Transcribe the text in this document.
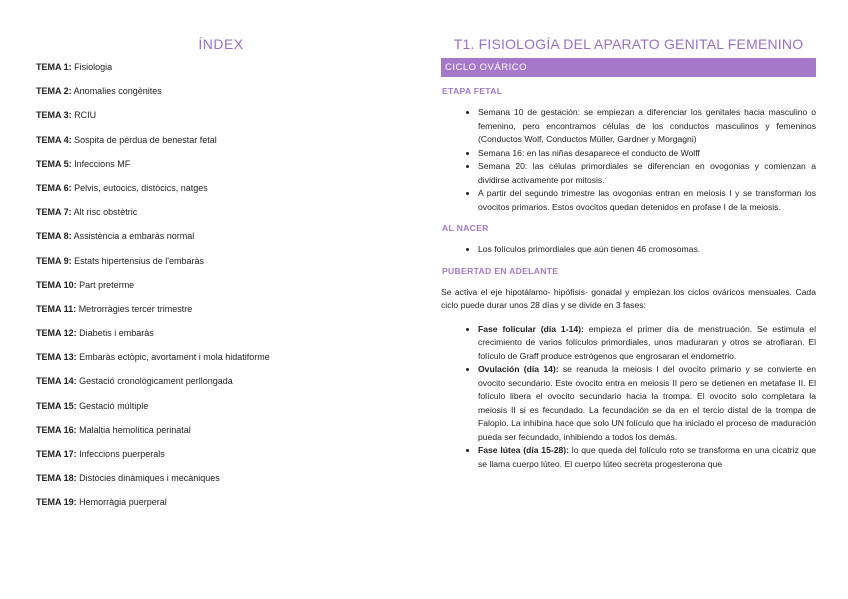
ÍNDEX
TEMA 1: Fisiologia
TEMA 2: Anomalies congènites
TEMA 3: RCIU
TEMA 4: Sospita de pèrdua de benestar fetal
TEMA 5: Infeccions MF
TEMA 6: Pelvis, eutocics, distòcics, natges
TEMA 7: Alt risc obstètric
TEMA 8: Assistència a embaràs normal
TEMA 9: Estats hipertensius de l'embaràs
TEMA 10: Part preterme
TEMA 11: Metrorràgies tercer trimestre
TEMA 12: Diabetis i embaràs
TEMA 13: Embaràs ectòpic, avortament i mola hidatiforme
TEMA 14: Gestació cronològicament perllongada
TEMA 15: Gestació múltiple
TEMA 16: Malaltia hemolítica perinatal
TEMA 17: Infeccions puerperals
TEMA 18: Distòcies dinàmiques i mecàniques
TEMA 19: Hemorràgia puerperal
T1. FISIOLOGÍA DEL APARATO GENITAL FEMENINO
CICLO OVÁRICO
ETAPA FETAL
• Semana 10 de gestación: se empiezan a diferenciar los genitales hacia masculino o femenino, pero encontramos células de los conductos masculinos y femeninos (Conductos Wolf, Conductos Müller, Gardner y Morgagni)
• Semana 16: en las niñas desaparece el conducto de Wolff
• Semana 20: las células primordiales se diferencian en ovogonias y comienzan a dividirse activamente por mitosis.
• A partir del segundo trimestre las ovogonias entran en meiosis I y se transforman los ovocitos primarios. Estos ovocitos quedan detenidos en profase I de la meiosis.
AL NACER
• Los folículos primordiales que aún tienen 46 cromosomas.
PUBERTAD EN ADELANTE

Se activa el eje hipotálamo- hipófisis- gonadal y empiezan los ciclos ováricos mensuales. Cada ciclo puede durar unos 28 días y se divide en 3 fases:

• Fase folicular (día 1-14): empieza el primer día de menstruación. Se estimula el crecimiento de varios folículos primordiales, unos maduraran y otros se atrofiaran. El folículo de Graff produce estrógenos que engrosaran el endometrio.
• Ovulación (día 14): se reanuda la meiosis I del ovocito primario y se convierte en ovocito secundario. Este ovocito entra en meiosis II pero se detienen en metafase II. El folículo libera el ovocito secundario hacia la trompa. El ovocito solo completara la meiosis II si es fecundado. La fecundación se da en el tercio distal de la trompa de Falopio. La inhibina hace que solo UN folículo que ha iniciado el proceso de maduración pueda ser fecundado, inhibiendo a todos los demás.
• Fase lútea (día 15-28): lo que queda del folículo roto se transforma en una cicatriz que se llama cuerpo lúteo. El cuerpo lúteo secreta progesterona que
